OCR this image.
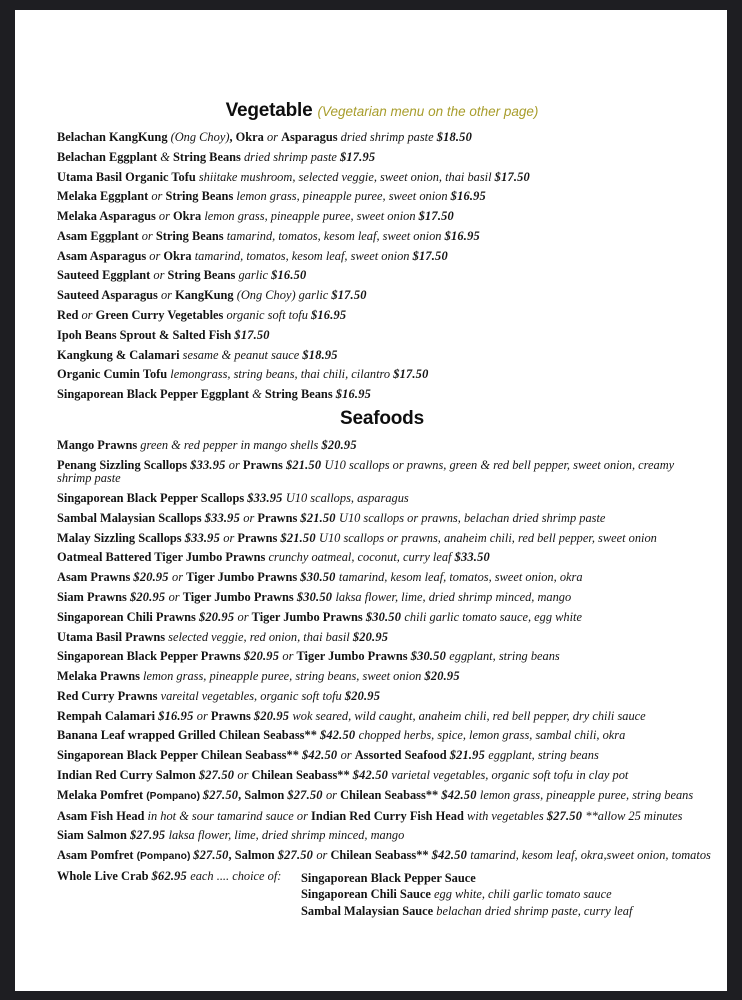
Vegetable (Vegetarian menu on the other page)
Belachan KangKung (Ong Choy), Okra or Asparagus dried shrimp paste $18.50
Belachan Eggplant & String Beans dried shrimp paste $17.95
Utama Basil Organic Tofu shiitake mushroom, selected veggie, sweet onion, thai basil $17.50
Melaka Eggplant or String Beans lemon grass, pineapple puree, sweet onion $16.95
Melaka Asparagus or Okra lemon grass, pineapple puree, sweet onion $17.50
Asam Eggplant or String Beans tamarind, tomatos, kesom leaf, sweet onion $16.95
Asam Asparagus or Okra tamarind, tomatos, kesom leaf, sweet onion $17.50
Sauteed Eggplant or String Beans garlic $16.50
Sauteed Asparagus or KangKung (Ong Choy) garlic $17.50
Red or Green Curry Vegetables organic soft tofu $16.95
Ipoh Beans Sprout & Salted Fish $17.50
Kangkung & Calamari sesame & peanut sauce $18.95
Organic Cumin Tofu lemongrass, string beans, thai chili, cilantro $17.50
Singaporean Black Pepper Eggplant & String Beans $16.95
Seafoods
Mango Prawns green & red pepper in mango shells $20.95
Penang Sizzling Scallops $33.95 or Prawns $21.50 U10 scallops or prawns, green & red bell pepper, sweet onion, creamy shrimp paste
Singaporean Black Pepper Scallops $33.95 U10 scallops, asparagus
Sambal Malaysian Scallops $33.95 or Prawns $21.50 U10 scallops or prawns, belachan dried shrimp paste
Malay Sizzling Scallops $33.95 or Prawns $21.50 U10 scallops or prawns, anaheim chili, red bell pepper, sweet onion
Oatmeal Battered Tiger Jumbo Prawns crunchy oatmeal, coconut, curry leaf $33.50
Asam Prawns $20.95 or Tiger Jumbo Prawns $30.50 tamarind, kesom leaf, tomatos, sweet onion, okra
Siam Prawns $20.95 or Tiger Jumbo Prawns $30.50 laksa flower, lime, dried shrimp minced, mango
Singaporean Chili Prawns $20.95 or Tiger Jumbo Prawns $30.50 chili garlic tomato sauce, egg white
Utama Basil Prawns selected veggie, red onion, thai basil $20.95
Singaporean Black Pepper Prawns $20.95 or Tiger Jumbo Prawns $30.50 eggplant, string beans
Melaka Prawns lemon grass, pineapple puree, string beans, sweet onion $20.95
Red Curry Prawns vareital vegetables, organic soft tofu $20.95
Rempah Calamari $16.95 or Prawns $20.95 wok seared, wild caught, anaheim chili, red bell pepper, dry chili sauce
Banana Leaf wrapped Grilled Chilean Seabass** $42.50 chopped herbs, spice, lemon grass, sambal chili, okra
Singaporean Black Pepper Chilean Seabass** $42.50 or Assorted Seafood $21.95 eggplant, string beans
Indian Red Curry Salmon $27.50 or Chilean Seabass** $42.50 varietal vegetables, organic soft tofu in clay pot
Melaka Pomfret (Pompano) $27.50, Salmon $27.50 or Chilean Seabass** $42.50 lemon grass, pineapple puree, string beans
Asam Fish Head in hot & sour tamarind sauce or Indian Red Curry Fish Head with vegetables $27.50 **allow 25 minutes
Siam Salmon $27.95 laksa flower, lime, dried shrimp minced, mango
Asam Pomfret (Pompano) $27.50, Salmon $27.50 or Chilean Seabass** $42.50 tamarind, kesom leaf, okra,sweet onion, tomatos
Whole Live Crab $62.95 each .... choice of:	Singaporean Black Pepper Sauce
Singaporean Chili Sauce egg white, chili garlic tomato sauce
Sambal Malaysian Sauce belachan dried shrimp paste, curry leaf
